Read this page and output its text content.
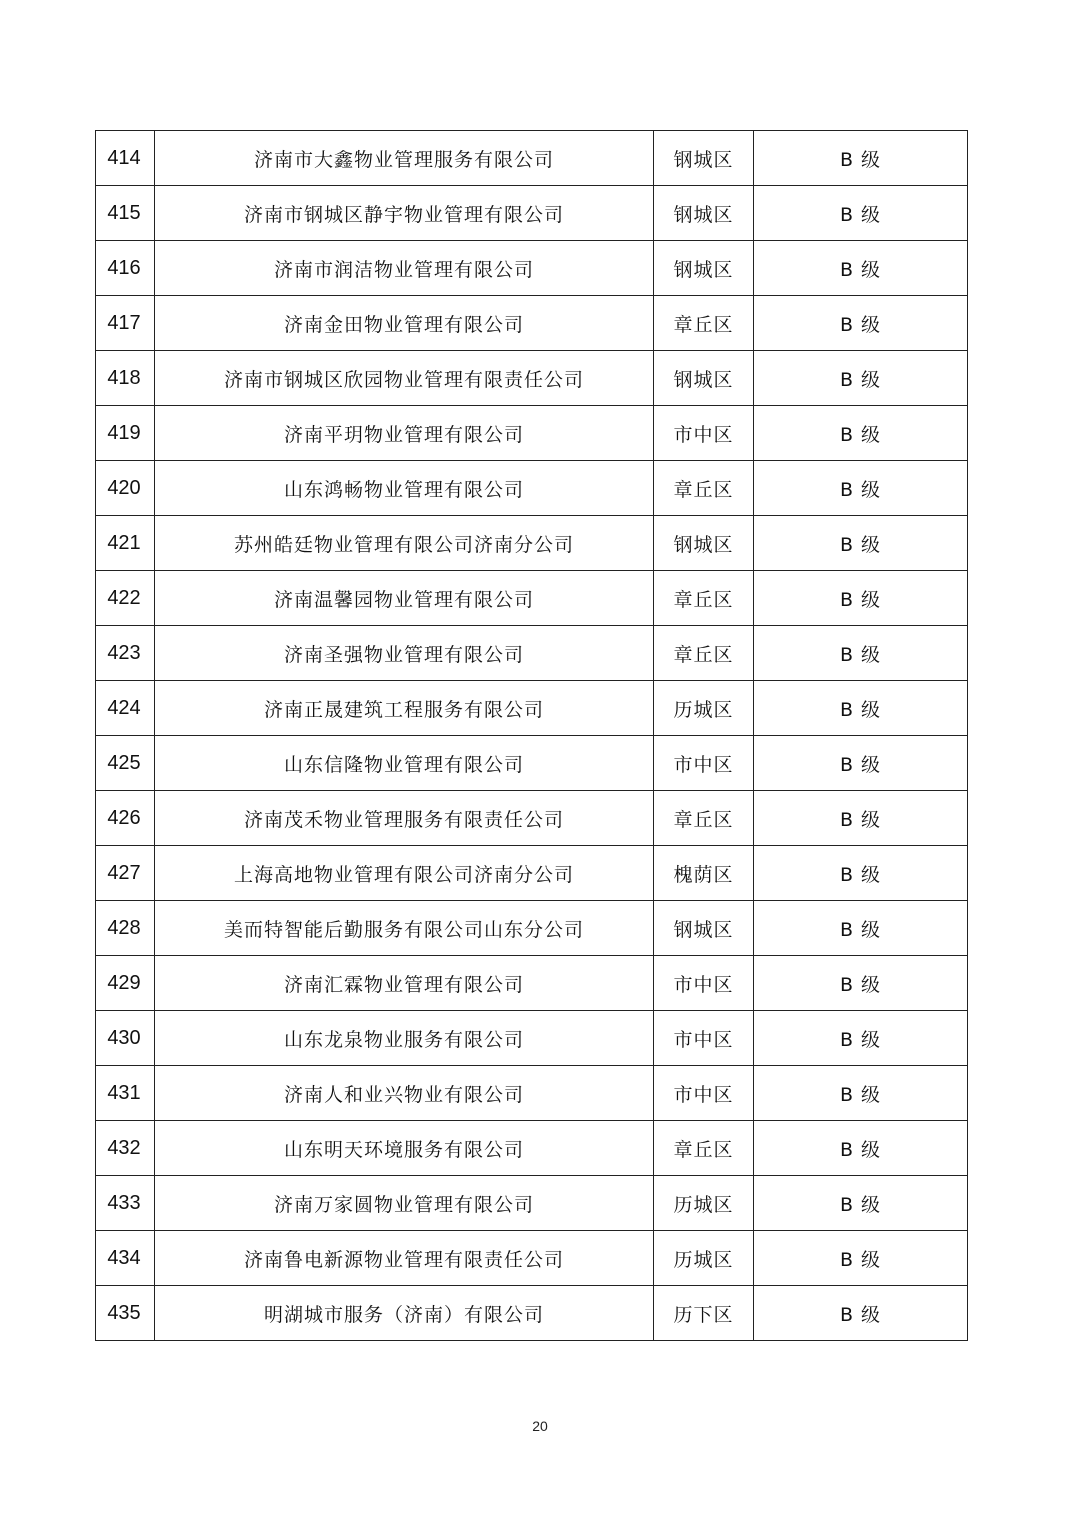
414	济南市大鑫物业管理服务有限公司	钢城区	B 级
415	济南市钢城区静宇物业管理有限公司	钢城区	B 级
416	济南市润洁物业管理有限公司	钢城区	B 级
417	济南金田物业管理有限公司	章丘区	B 级
418	济南市钢城区欣园物业管理有限责任公司	钢城区	B 级
419	济南平玥物业管理有限公司	市中区	B 级
420	山东鸿畅物业管理有限公司	章丘区	B 级
421	苏州皓廷物业管理有限公司济南分公司	钢城区	B 级
422	济南温馨园物业管理有限公司	章丘区	B 级
423	济南圣强物业管理有限公司	章丘区	B 级
424	济南正晟建筑工程服务有限公司	历城区	B 级
425	山东信隆物业管理有限公司	市中区	B 级
426	济南茂禾物业管理服务有限责任公司	章丘区	B 级
427	上海高地物业管理有限公司济南分公司	槐荫区	B 级
428	美而特智能后勤服务有限公司山东分公司	钢城区	B 级
429	济南汇霖物业管理有限公司	市中区	B 级
430	山东龙泉物业服务有限公司	市中区	B 级
431	济南人和业兴物业有限公司	市中区	B 级
432	山东明天环境服务有限公司	章丘区	B 级
433	济南万家圆物业管理有限公司	历城区	B 级
434	济南鲁电新源物业管理有限责任公司	历城区	B 级
435	明湖城市服务（济南）有限公司	历下区	B 级
20
